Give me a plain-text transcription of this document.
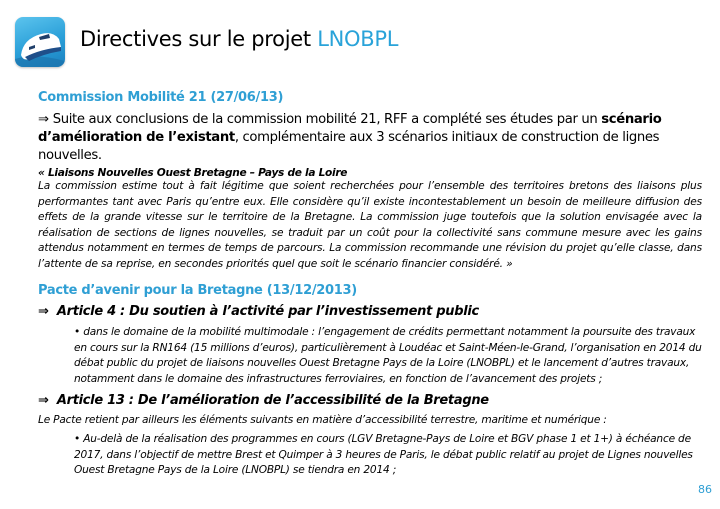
Directives sur le projet LNOBPL
Commission Mobilité 21 (27/06/13)
⇒ Suite aux conclusions de la commission mobilité 21, RFF a complété ses études par un scénario d’amélioration de l’existant, complémentaire aux 3 scénarios initiaux de construction de lignes nouvelles.
« Liaisons Nouvelles Ouest Bretagne – Pays de la Loire
La commission estime tout à fait légitime que soient recherchées pour l’ensemble des territoires bretons des liaisons plus performantes tant avec Paris qu’entre eux. Elle considère qu’il existe incontestablement un besoin de meilleure diffusion des effets de la grande vitesse sur le territoire de la Bretagne. La commission juge toutefois que la solution envisagée avec la réalisation de sections de lignes nouvelles, se traduit par un coût pour la collectivité sans commune mesure avec les gains attendus notamment en termes de temps de parcours. La commission recommande une révision du projet qu’elle classe, dans l’attente de sa reprise, en secondes priorités quel que soit le scénario financier considéré. »
Pacte d’avenir pour la Bretagne (13/12/2013)
⇒ Article 4 : Du soutien à l’activité par l’investissement public
• dans le domaine de la mobilité multimodale : l’engagement de crédits permettant notamment la poursuite des travaux en cours sur la RN164 (15 millions d’euros), particulièrement à Loudéac et Saint-Méen-le-Grand, l’organisation en 2014 du débat public du projet de liaisons nouvelles Ouest Bretagne Pays de la Loire (LNOBPL) et le lancement d’autres travaux, notamment dans le domaine des infrastructures ferroviaires, en fonction de l’avancement des projets ;
⇒ Article 13 : De l’amélioration de l’accessibilité de la Bretagne
Le Pacte retient par ailleurs les éléments suivants en matière d’accessibilité terrestre, maritime et numérique :
• Au-delà de la réalisation des programmes en cours (LGV Bretagne-Pays de Loire et BGV phase 1 et 1+) à échéance de 2017, dans l’objectif de mettre Brest et Quimper à 3 heures de Paris, le débat public relatif au projet de Lignes nouvelles Ouest Bretagne Pays de la Loire (LNOBPL) se tiendra en 2014 ;
86
